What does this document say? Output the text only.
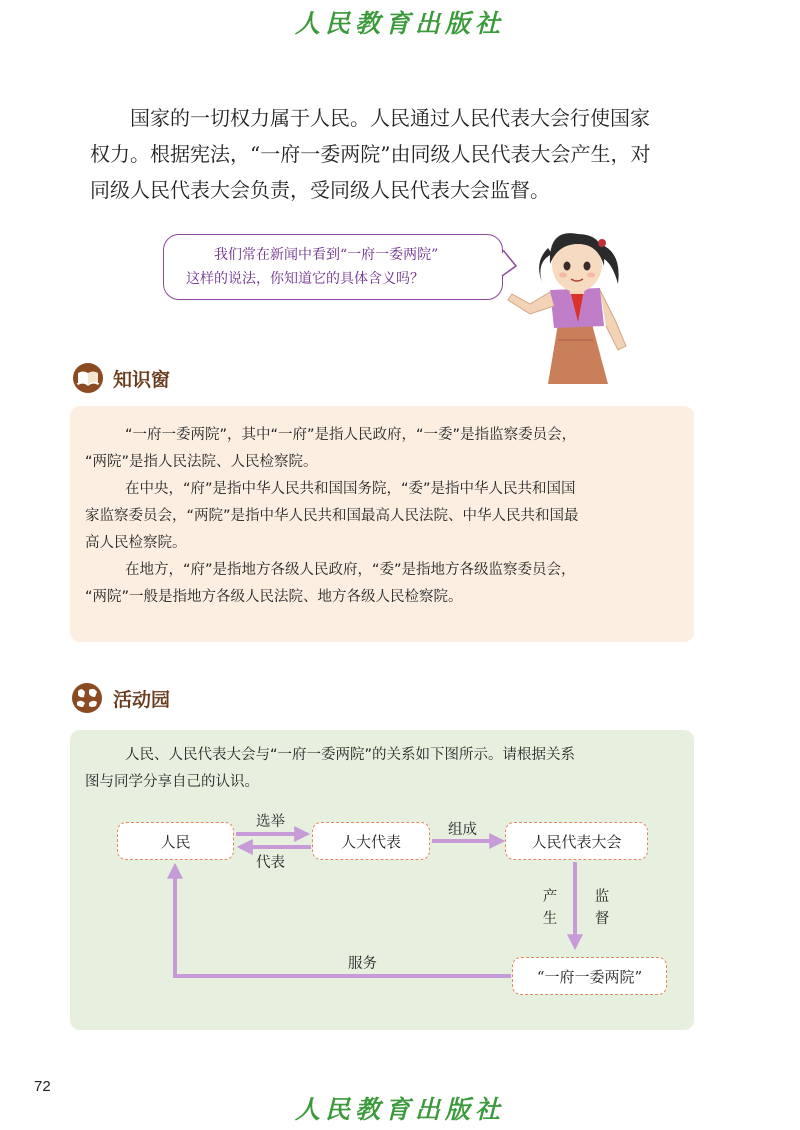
人民教育出版社
国家的一切权力属于人民。人民通过人民代表大会行使国家
权力。根据宪法，“一府一委两院”由同级人民代表大会产生，对
同级人民代表大会负责，受同级人民代表大会监督。
我们常在新闻中看到“一府一委两院”
这样的说法，你知道它的具体含义吗？
知识窗
“一府一委两院”，其中“一府”是指人民政府，“一委”是指监察委员会，
“两院”是指人民法院、人民检察院。
在中央，“府”是指中华人民共和国国务院，“委”是指中华人民共和国国
家监察委员会，“两院”是指中华人民共和国最高人民法院、中华人民共和国最
高人民检察院。
在地方，“府”是指地方各级人民政府，“委”是指地方各级监察委员会，
“两院”一般是指地方各级人民法院、地方各级人民检察院。
活动园
人民、人民代表大会与“一府一委两院”的关系如下图所示。请根据关系
图与同学分享自己的认识。
人民	人大代表	人民代表大会
“一府一委两院”
选举
代表
组成
产
生
监
督
服务
72
人民教育出版社
